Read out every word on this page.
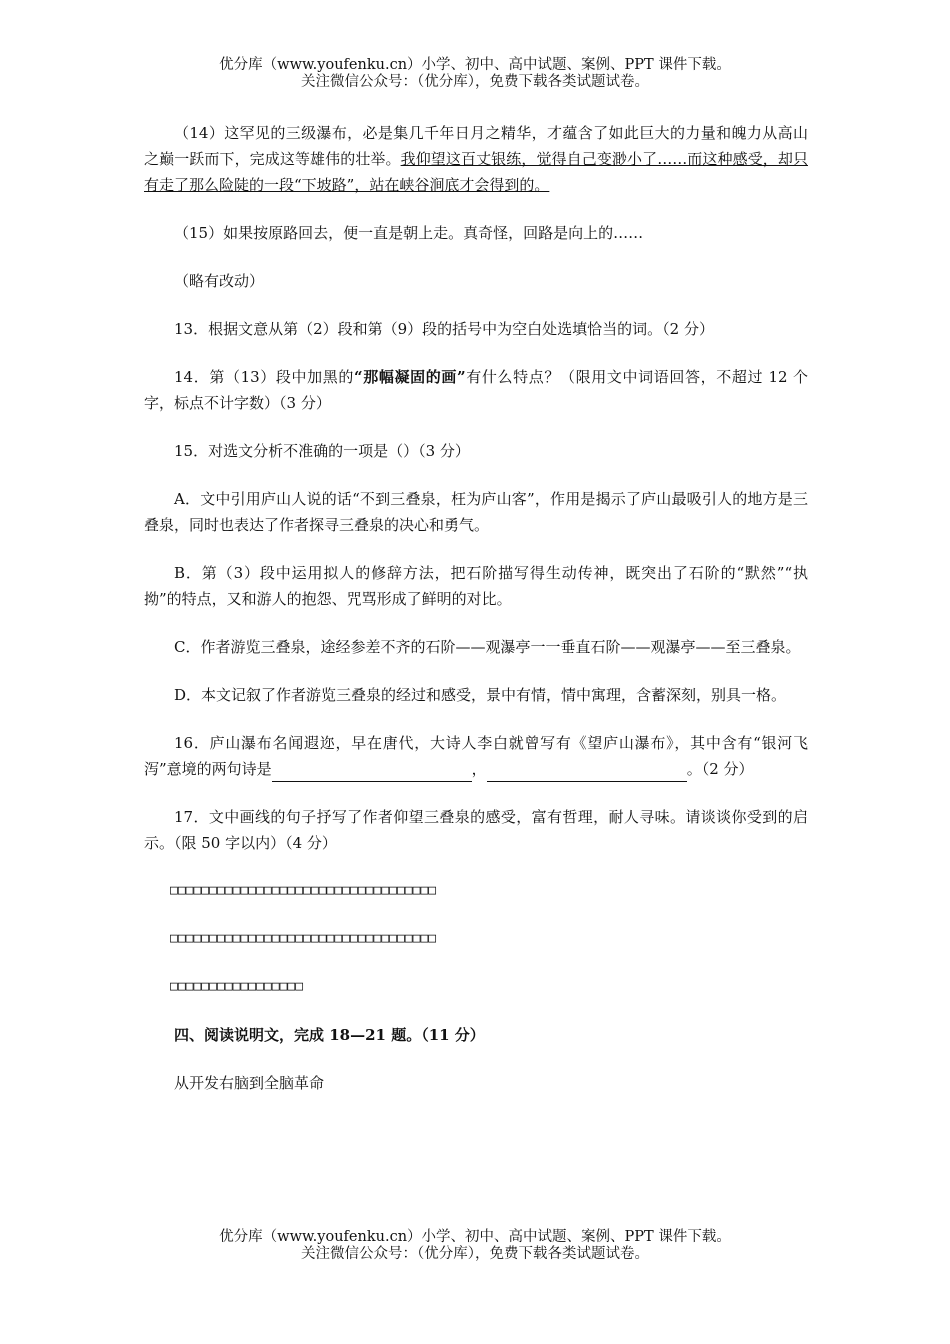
优分库（www.youfenku.cn）小学、初中、高中试题、案例、PPT 课件下载。
关注微信公众号：（优分库），免费下载各类试题试卷。

（14）这罕见的三级瀑布，必是集几千年日月之精华，才蕴含了如此巨大的力量和魄力从高山之巅一跃而下，完成这等雄伟的壮举。我仰望这百丈银练，觉得自己变渺小了……而这种感受，却只有走了那么险陡的一段“下坡路”，站在峡谷涧底才会得到的。

（15）如果按原路回去，便一直是朝上走。真奇怪，回路是向上的……

（略有改动）

13．根据文意从第（2）段和第（9）段的括号中为空白处选填恰当的词。（2 分）

14．第（13）段中加黑的“那幅凝固的画”有什么特点？（限用文中词语回答，不超过 12 个字，标点不计字数）（3 分）

15．对选文分析不准确的一项是（）（3 分）

A．文中引用庐山人说的话“不到三叠泉，枉为庐山客”，作用是揭示了庐山最吸引人的地方是三叠泉，同时也表达了作者探寻三叠泉的决心和勇气。

B．第（3）段中运用拟人的修辞方法，把石阶描写得生动传神，既突出了石阶的“默然”“执拗”的特点，又和游人的抱怨、咒骂形成了鲜明的对比。

C．作者游览三叠泉，途经参差不齐的石阶——观瀑亭一一垂直石阶——观瀑亭——至三叠泉。

D．本文记叙了作者游览三叠泉的经过和感受，景中有情，情中寓理，含蓄深刻，别具一格。

16．庐山瀑布名闻遐迩，早在唐代，大诗人李白就曾写有《望庐山瀑布》，其中含有“银河飞泻”意境的两句诗是	，	。（2 分）

17．文中画线的句子抒写了作者仰望三叠泉的感受，富有哲理，耐人寻味。请谈谈你受到的启示。（限 50 字以内）（4 分）

□□□□□□□□□□□□□□□□□□□□□□□□□□□□□□□□□□

□□□□□□□□□□□□□□□□□□□□□□□□□□□□□□□□□□

□□□□□□□□□□□□□□□□□

四、阅读说明文，完成 18—21 题。（11 分）

从开发右脑到全脑革命

优分库（www.youfenku.cn）小学、初中、高中试题、案例、PPT 课件下载。
关注微信公众号：（优分库），免费下载各类试题试卷。
